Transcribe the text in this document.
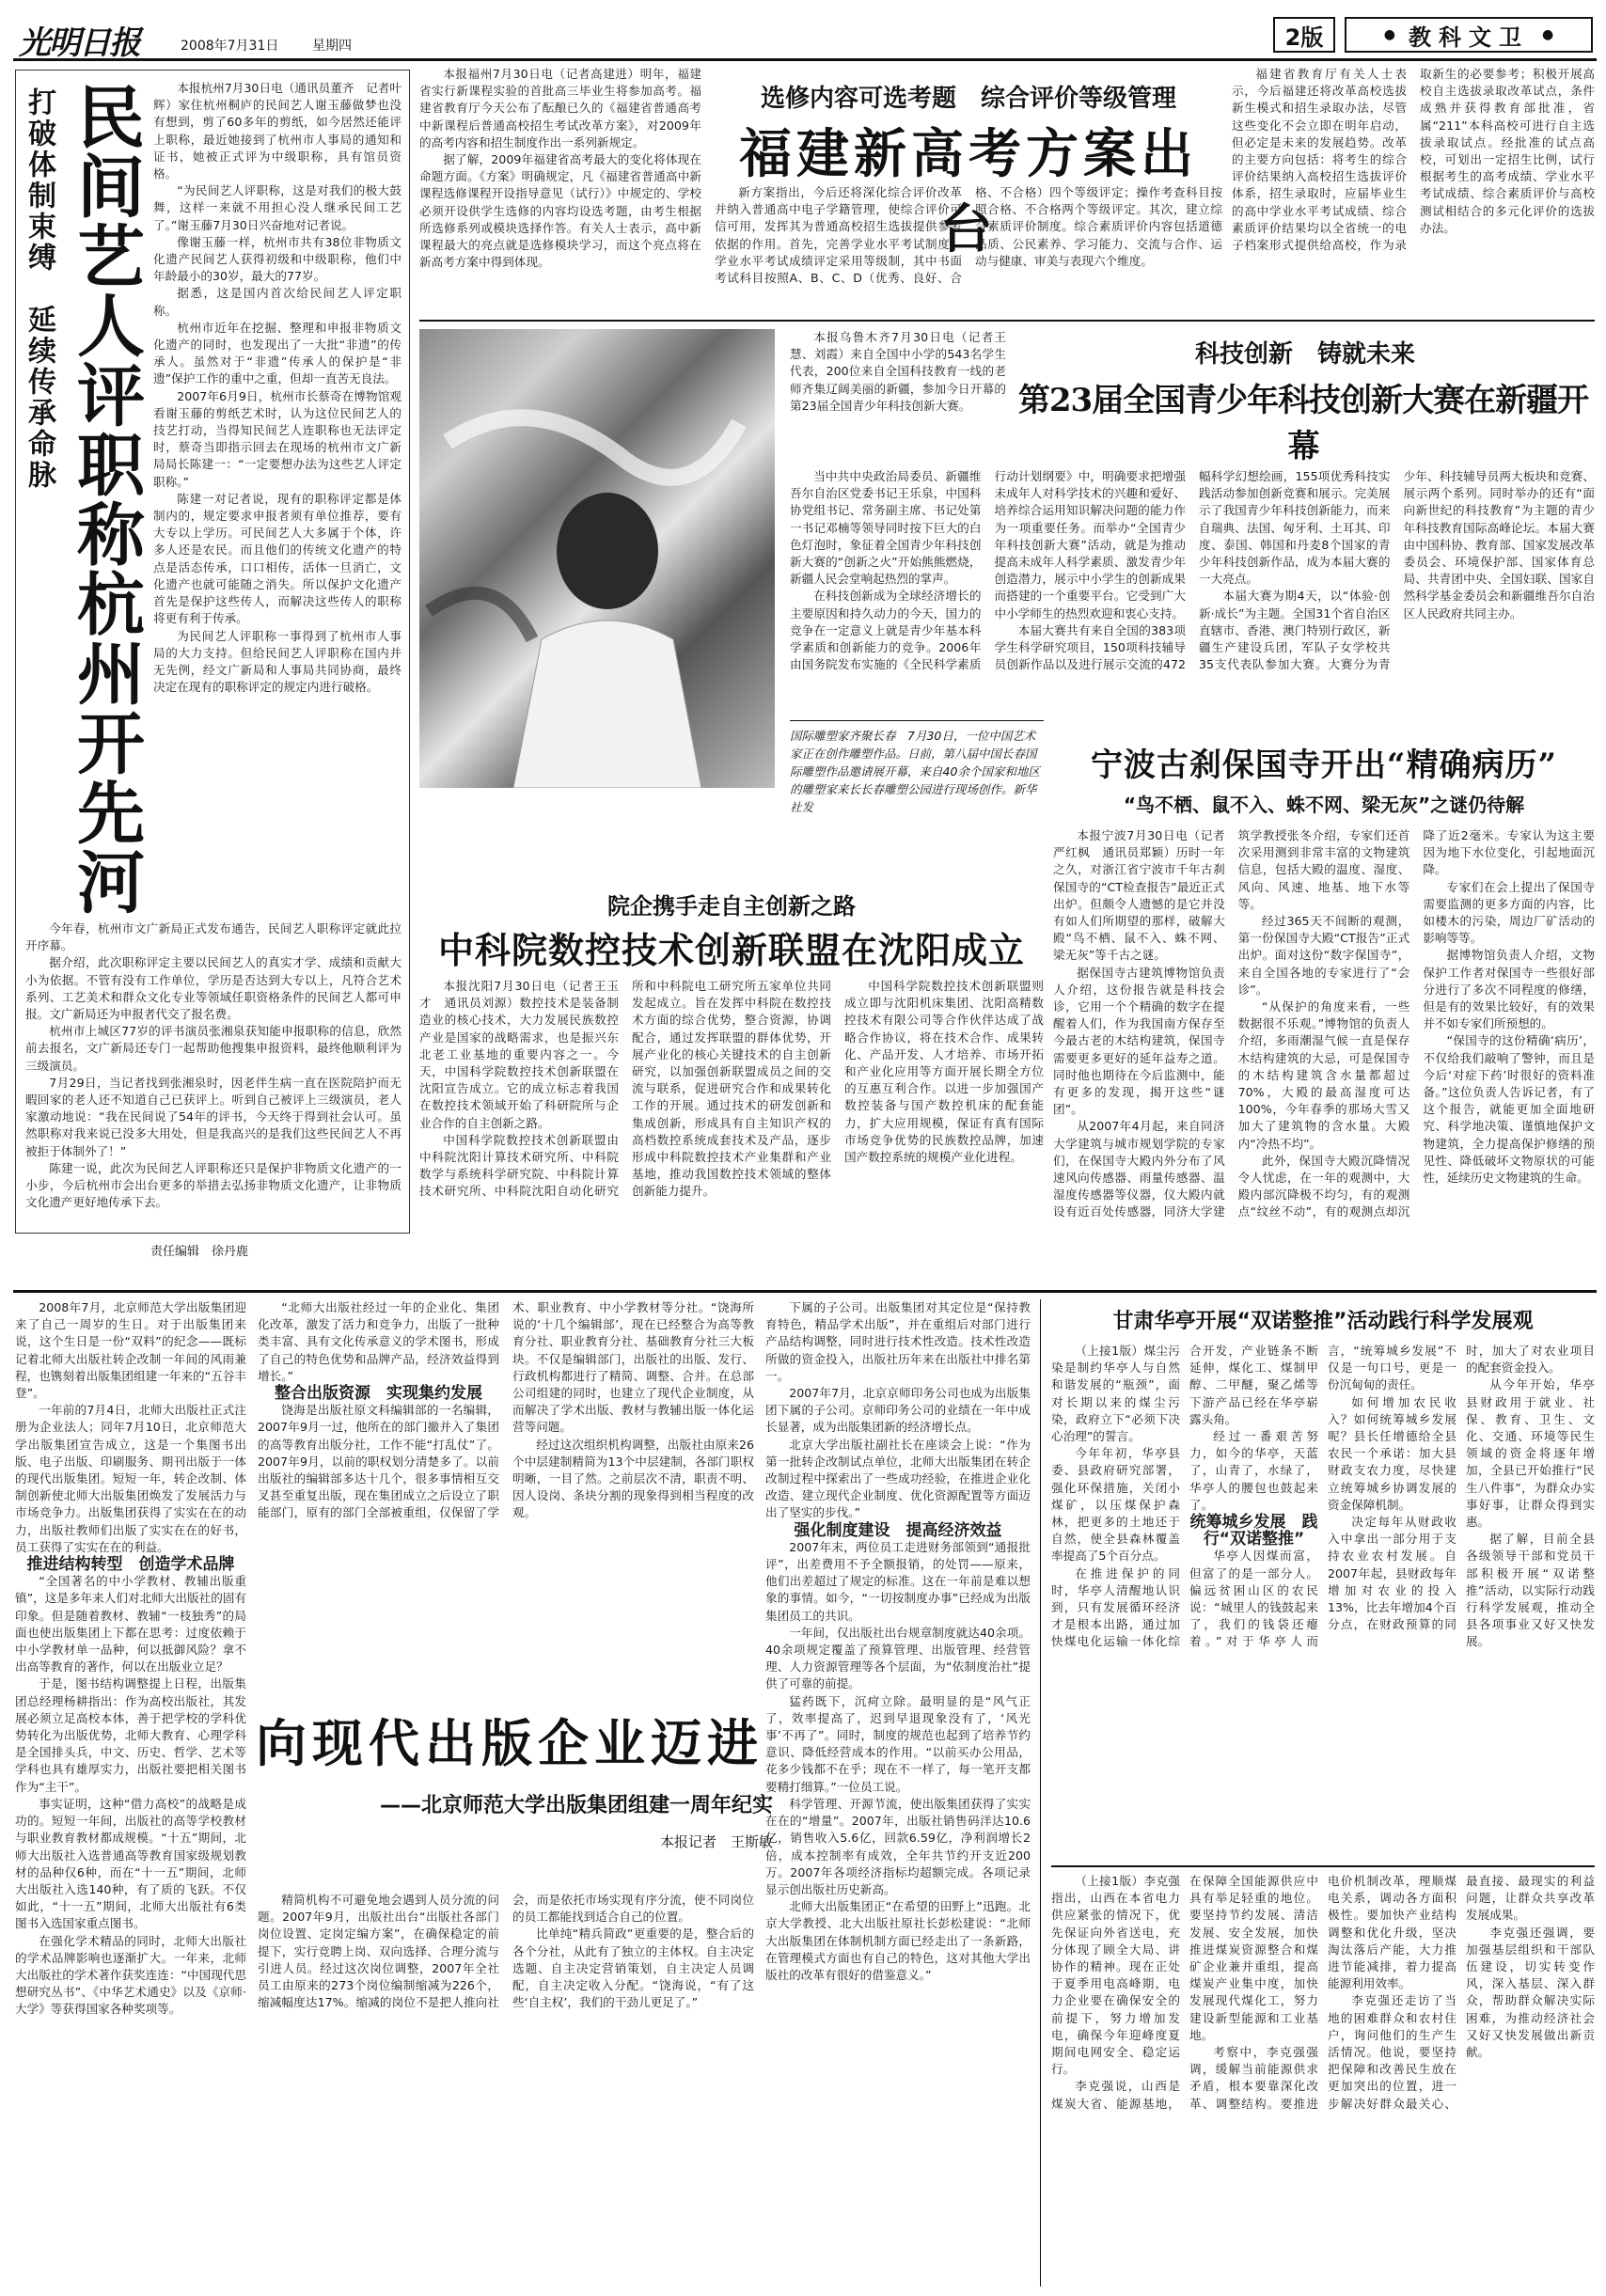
光明日报	2008年7月31日	星期四	2版	● 教科文卫 ●
打破体制束缚　延续传承命脉 民间艺人评职称杭州开先河	本报杭州7月30日电（通讯员董齐　记者叶辉）家住杭州桐庐的民间艺人谢玉藤做梦也没有想到，剪了60多年的剪纸，如今居然还能评上职称，最近她接到了杭州市人事局的通知和证书，她被正式评为中级职称，具有馆员资格。

“为民间艺人评职称，这是对我们的极大鼓舞，这样一来就不用担心没人继承民间工艺了。”谢玉藤7月30日兴奋地对记者说。

像谢玉藤一样，杭州市共有38位非物质文化遗产民间艺人获得初级和中级职称，他们中年龄最小的30岁，最大的77岁。

据悉，这是国内首次给民间艺人评定职称。

杭州市近年在挖掘、整理和申报非物质文化遗产的同时，也发现出了一大批“非遗”的传承人。虽然对于“非遗”传承人的保护是“非遗”保护工作的重中之重，但却一直苦无良法。

2007年6月9日，杭州市长蔡奇在博物馆观看谢玉藤的剪纸艺术时，认为这位民间艺人的技艺打动，当得知民间艺人连职称也无法评定时，蔡奇当即指示回去在现场的杭州市文广新局局长陈建一：“一定要想办法为这些艺人评定职称。”

陈建一对记者说，现有的职称评定都是体制内的，规定要求申报者须有单位推荐，要有大专以上学历。可民间艺人大多属于个体，许多人还是农民。而且他们的传统文化遗产的特点是活态传承，口口相传，活体一旦消亡，文化遗产也就可能随之消失。所以保护文化遗产首先是保护这些传人，而解决这些传人的职称将更有利于传承。

为民间艺人评职称一事得到了杭州市人事局的大力支持。但给民间艺人评职称在国内并无先例，经文广新局和人事局共同协商，最终决定在现有的职称评定的规定内进行破格。

今年春，杭州市文广新局正式发布通告，民间艺人职称评定就此拉开序幕。

据介绍，此次职称评定主要以民间艺人的真实才学、成绩和贡献大小为依据。不管有没有工作单位，学历是否达到大专以上，凡符合艺术系列、工艺美术和群众文化专业等领域任职资格条件的民间艺人都可申报。文广新局还为申报者代交了报名费。

杭州市上城区77岁的评书演员张湘泉获知能申报职称的信息，欣然前去报名，文广新局还专门一起帮助他搜集申报资料，最终他顺利评为三级演员。

7月29日，当记者找到张湘泉时，因老伴生病一直在医院陪护而无暇回家的老人还不知道自己已获评上。听到自己被评上三级演员，老人家激动地说：“我在民间说了54年的评书，今天终于得到社会认可。虽然职称对我来说已没多大用处，但是我高兴的是我们这些民间艺人不再被拒于体制外了！”

陈建一说，此次为民间艺人评职称还只是保护非物质文化遗产的一小步，今后杭州市会出台更多的举措去弘扬非物质文化遗产，让非物质文化遗产更好地传承下去。

责任编辑　徐丹鹿

本报福州7月30日电（记者高建进）明年，福建省实行新课程实验的首批高三毕业生将参加高考。福建省教育厅今天公布了酝酿已久的《福建省普通高考中新课程后普通高校招生考试改革方案》，对2009年的高考内容和招生制度作出一系列新规定。

据了解，2009年福建省高考最大的变化将体现在命题方面。《方案》明确规定，凡《福建省普通高中新课程选修课程开设指导意见（试行）》中规定的、学校必须开设供学生选修的内容均设选考题，由考生根据所选修系列或模块选择作答。有关人士表示，高中新课程最大的亮点就是选修模块学习，而这个亮点将在新高考方案中得到体现。

选修内容可选考题　综合评价等级管理
福建新高考方案出台

新方案指出，今后还将深化综合评价改革并纳入普通高中电子学籍管理，使综合评价可信可用，发挥其为普通高校招生选拔提供参考依据的作用。首先，完善学业水平考试制度。学业水平考试成绩评定采用等级制，其中书面考试科目按照A、B、C、D（优秀、良好、合格、不合格）四个等级评定；操作考查科目按照合格、不合格两个等级评定。其次，建立综合素质评价制度。综合素质评价内容包括道德品质、公民素养、学习能力、交流与合作、运动与健康、审美与表现六个维度。

福建省教育厅有关人士表示，今后福建还将改革高校选拔新生模式和招生录取办法，尽管这些变化不会立即在明年启动，但必定是未来的发展趋势。改革的主要方向包括：将考生的综合评价结果纳入高校招生选拔评价体系，招生录取时，应届毕业生的高中学业水平考试成绩、综合素质评价结果均以全省统一的电子档案形式提供给高校，作为录取新生的必要参考；积极开展高校自主选拔录取改革试点，条件成熟并获得教育部批准，省属“211”本科高校可进行自主选拔录取试点。经批准的试点高校，可划出一定招生比例，试行根据考生的高考成绩、学业水平考试成绩、综合素质评价与高校测试相结合的多元化评价的选拔办法。

国际雕塑家齐聚长春　7月30日，一位中国艺术家正在创作雕塑作品。日前，第八届中国长春国际雕塑作品邀请展开幕，来自40余个国家和地区的雕塑家来长长春雕塑公园进行现场创作。新华社发

本报乌鲁木齐7月30日电（记者王慧、刘霞）来自全国中小学的543名学生代表，200位来自全国科技教育一线的老师齐集辽阔美丽的新疆，参加今日开幕的第23届全国青少年科技创新大赛。

科技创新　铸就未来
第23届全国青少年科技创新大赛在新疆开幕

当中共中央政治局委员、新疆维吾尔自治区党委书记王乐泉，中国科协党组书记、常务副主席、书记处第一书记邓楠等领导同时按下巨大的白色灯泡时，象征着全国青少年科技创新大赛的“创新之火”开始熊熊燃烧，新疆人民会堂响起热烈的掌声。

在科技创新成为全球经济增长的主要原因和持久动力的今天，国力的竞争在一定意义上就是青少年基本科学素质和创新能力的竞争。2006年由国务院发布实施的《全民科学素质行动计划纲要》中，明确要求把增强未成年人对科学技术的兴趣和爱好、培养综合运用知识解决问题的能力作为一项重要任务。而举办“全国青少年科技创新大赛”活动，就是为推动提高未成年人科学素质、激发青少年创造潜力，展示中小学生的创新成果而搭建的一个重要平台。它受到广大中小学师生的热烈欢迎和衷心支持。

本届大赛共有来自全国的383项学生科学研究项目，150项科技辅导员创新作品以及进行展示交流的472幅科学幻想绘画，155项优秀科技实践活动参加创新竞赛和展示。完美展示了我国青少年科技创新能力，而来自瑞典、法国、匈牙利、土耳其、印度、泰国、韩国和丹麦8个国家的青少年科技创新作品，成为本届大赛的一大亮点。

本届大赛为期4天，以“体验·创新·成长”为主题。全国31个省自治区直辖市、香港、澳门特别行政区，新疆生产建设兵团，军队子女学校共35支代表队参加大赛。大赛分为青少年、科技辅导员两大板块和竞赛、展示两个系列。同时举办的还有“面向新世纪的科技教育”为主题的青少年科技教育国际高峰论坛。本届大赛由中国科协、教育部、国家发展改革委员会、环境保护部、国家体育总局、共青团中央、全国妇联、国家自然科学基金委员会和新疆维吾尔自治区人民政府共同主办。

宁波古刹保国寺开出“精确病历”
“鸟不栖、鼠不入、蛛不网、梁无灰”之谜仍待解

本报宁波7月30日电（记者严红枫　通讯员郑颖）历时一年之久，对浙江省宁波市千年古刹保国寺的“CT检查报告”最近正式出炉。但颇令人遗憾的是它并没有如人们所期望的那样，破解大殿“鸟不栖、鼠不入、蛛不网、梁无灰”等千古之谜。

据保国寺古建筑博物馆负责人介绍，这份报告就是科技会诊，它用一个个精确的数字在提醒着人们，作为我国南方保存至今最古老的木结构建筑，保国寺需要更多更好的延年益寿之道。同时他也期待在今后监测中，能有更多的发现，揭开这些“谜团”。

从2007年4月起，来自同济大学建筑与城市规划学院的专家们，在保国寺大殿内外分布了风速风向传感器、雨量传感器、温湿度传感器等仪器，仪大殿内就设有近百处传感器，同济大学建筑学教授张冬介绍，专家们还首次采用测到非常丰富的文物建筑信息，包括大殿的温度、湿度、风向、风速、地基、地下水等等。

经过365天不间断的观测，第一份保国寺大殿“CT报告”正式出炉。面对这份“数字保国寺”，来自全国各地的专家进行了“会诊”。

“从保护的角度来看，一些数据很不乐观。”博物馆的负责人介绍，多雨潮湿气候一直是保存木结构建筑的大忌，可是保国寺的木结构建筑含水量都超过70%，大殿的最高湿度可达100%，今年春季的那场大雪又加大了建筑物的含水量。大殿内“冷热不均”。

此外，保国寺大殿沉降情况令人忧虑，在一年的观测中，大殿内部沉降极不均匀，有的观测点“纹丝不动”，有的观测点却沉降了近2毫米。专家认为这主要因为地下水位变化，引起地面沉降。

专家们在会上提出了保国寺需要监测的更多方面的内容，比如楼木的污染，周边厂矿活动的影响等等。

据博物馆负责人介绍，文物保护工作者对保国寺一些很好部分进行了多次不同程度的修缮，但是有的效果比较好，有的效果并不如专家们所预想的。

“保国寺的这份精确‘病历’，不仅给我们敲响了警钟，而且是今后‘对症下药’时很好的资料准备。”这位负责人告诉记者，有了这个报告，就能更加全面地研究、科学地决策、谨慎地保护文物建筑，全力提高保护修缮的预见性、降低破坏文物原状的可能性，延续历史文物建筑的生命。

院企携手走自主创新之路
中科院数控技术创新联盟在沈阳成立

本报沈阳7月30日电（记者王玉才　通讯员刘源）数控技术是装备制造业的核心技术，大力发展民族数控产业是国家的战略需求，也是振兴东北老工业基地的重要内容之一。今天，中国科学院数控技术创新联盟在沈阳宣告成立。它的成立标志着我国在数控技术领域开始了科研院所与企业合作的自主创新之路。

中国科学院数控技术创新联盟由中科院沈阳计算技术研究所、中科院数学与系统科学研究院、中科院计算技术研究所、中科院沈阳自动化研究所和中科院电工研究所五家单位共同发起成立。旨在发挥中科院在数控技术方面的综合优势，整合资源，协调配合，通过发挥联盟的群体优势，开展产业化的核心关键技术的自主创新研究，以加强创新联盟成员之间的交流与联系，促进研究合作和成果转化工作的开展。通过技术的研发创新和集成创新，形成具有自主知识产权的高档数控系统成套技术及产品，逐步形成中科院数控技术产业集群和产业基地，推动我国数控技术领域的整体创新能力提升。

中国科学院数控技术创新联盟则成立即与沈阳机床集团、沈阳高精数控技术有限公司等合作伙伴达成了战略合作协议，将在技术合作、成果转化、产品开发、人才培养、市场开拓和产业化应用等方面开展长期全方位的互惠互利合作。以进一步加强国产数控装备与国产数控机床的配套能力，扩大应用规模，保证有真有国际市场竞争优势的民族数控品牌，加速国产数控系统的规模产业化进程。

2008年7月，北京师范大学出版集团迎来了自己一周岁的生日。对于出版集团来说，这个生日是一份“双料”的纪念——既标记着北师大出版社转企改制一年间的风雨兼程，也镌刻着出版集团组建一年来的“五谷丰登”。

一年前的7月4日，北师大出版社正式注册为企业法人；同年7月10日，北京师范大学出版集团宣告成立，这是一个集图书出版、电子出版、印刷服务、期刊出版于一体的现代出版集团。短短一年，转企改制、体制创新使北师大出版集团焕发了发展活力与市场竞争力。出版集团获得了实实在在的动力，出版社教师们出版了实实在在的好书，员工获得了实实在在的利益。

推进结构转型　创造学术品牌

“全国著名的中小学教材、教辅出版重镇”，这是多年来人们对北师大出版社的固有印象。但是随着教材、教辅“一枝独秀”的局面也使出版集团上下都在思考：过度依赖于中小学教材单一品种，何以抵御风险？拿不出高等教育的著作，何以在出版业立足？

于是，图书结构调整提上日程，出版集团总经理杨耕指出：作为高校出版社，其发展必须立足高校本体，善于把学校的学科优势转化为出版优势，北师大教育、心理学科是全国排头兵，中文、历史、哲学、艺术等学科也具有雄厚实力，出版社要把相关图书作为“主干”。

事实证明，这种“借力高校”的战略是成功的。短短一年间，出版社的高等学校教材与职业教育教材都成规模。“十五”期间，北师大出版社入选普通高等教育国家级规划教材的品种仅6种，而在“十一五”期间，北师大出版社入选140种，有了质的飞跃。不仅如此，“十一五”期间，北师大出版社有6类图书入选国家重点图书。

在强化学术精品的同时，北师大出版社的学术品牌影响也逐渐扩大。一年来，北师大出版社的学术著作获奖连连：“中国现代思想研究丛书”、《中华艺术通史》以及《京师·大学》等获得国家各种奖项等。

“北师大出版社经过一年的企业化、集团化改革，激发了活力和竞争力，出版了一批种类丰富、具有文化传承意义的学术图书，形成了自己的特色优势和品牌产品，经济效益得到增长。”

整合出版资源　实现集约发展

饶海是出版社原文科编辑部的一名编辑，2007年9月一过，他所在的部门撤并入了集团的高等教育出版分社，工作不能“打乱仗”了。2007年9月，以前的职权划分清楚多了。以前出版社的编辑部多达十几个，很多事情相互交叉甚至重复出版，现在集团成立之后设立了职能部门，原有的部门全部被重组，仅保留了学术、职业教育、中小学教材等分社。“饶海所说的‘十几个编辑部’，现在已经整合为高等教育分社、职业教育分社、基础教育分社三大板块。不仅是编辑部门，出版社的出版、发行、行政机构都进行了精简、调整、合并。在总部公司组建的同时，也建立了现代企业制度，从而解决了学术出版、教材与教辅出版一体化运营等问题。

经过这次组织机构调整，出版社由原来26个中层建制精简为13个中层建制，各部门职权明晰，一目了然。之前层次不清，职责不明、因人设岗、条块分割的现象得到相当程度的改观。

向现代出版企业迈进
——北京师范大学出版集团组建一周年纪实
本报记者　王斯敏

精简机构不可避免地会遇到人员分流的问题。2007年9月，出版社出台“出版社各部门岗位设置、定岗定编方案”，在确保稳定的前提下，实行竞聘上岗、双向选择、合理分流与引进人员。经过这次岗位调整，2007年全社员工由原来的273个岗位编制缩减为226个，缩减幅度达17%。缩减的岗位不是把人推向社会，而是依托市场实现有序分流，使不同岗位的员工都能找到适合自己的位置。

比单纯“精兵简政”更重要的是，整合后的各个分社，从此有了独立的主体权。自主决定选题、自主决定营销策划，自主决定人员调配，自主决定收入分配。“饶海说，“有了这些‘自主权’，我们的干劲儿更足了。”

下属的子公司。出版集团对其定位是“保持教育特色，精品学术出版”，并在重组后对部门进行产品结构调整，同时进行技术性改造。技术性改造所做的资金投入，出版社历年来在出版社中排名第一。

2007年7月，北京京师印务公司也成为出版集团下属的子公司。京师印务公司的业绩在一年中成长显著，成为出版集团新的经济增长点。

北京大学出版社副社长在座谈会上说：“作为第一批转企改制试点单位，北师大出版集团在转企改制过程中探索出了一些成功经验，在推进企业化改造、建立现代企业制度、优化资源配置等方面迈出了坚实的步伐。”

强化制度建设　提高经济效益

2007年末，两位员工走进财务部领到“通报批评”，出差费用不予全额报销，的处罚——原来，他们出差超过了规定的标准。这在一年前是难以想象的事情。如今，“一切按制度办事”已经成为出版集团员工的共识。

一年间，仅出版社出台规章制度就达40余项。40余项规定覆盖了预算管理、出版管理、经营管理、人力资源管理等各个层面，为“依制度治社”提供了可靠的前提。

猛药既下，沉疴立除。最明显的是“风气正了，效率提高了，迟到早退现象没有了，‘风光事’不再了”。同时，制度的规范也起到了培养节约意识、降低经营成本的作用。“以前买办公用品，花多少钱都不在乎；现在不一样了，每一笔开支都要精打细算。”一位员工说。

科学管理、开源节流，使出版集团获得了实实在在的“增量”。2007年，出版社销售码洋达10.6亿，销售收入5.6亿，回款6.59亿，净利润增长2倍，成本控制率有成效，全年共节约开支近200万。2007年各项经济指标均超额完成。各项记录显示创出版社历史新高。

北师大出版集团正“在希望的田野上”迅跑。北京大学教授、北大出版社原社长彭松建说：“北师大出版集团在体制机制方面已经走出了一条新路，在管理模式方面也有自己的特色，这对其他大学出版社的改革有很好的借鉴意义。”

甘肃华亭开展“双诺整推”活动践行科学发展观

（上接1版）煤尘污染是制约华亭人与自然和谐发展的“瓶颈”，面对长期以来的煤尘污染，政府立下“必须下决心治理”的誓言。

今年年初，华亭县委、县政府研究部署，强化环保措施，关闭小煤矿，以压煤保护森林，把更多的土地还于自然，使全县森林覆盖率提高了5个百分点。

在推进保护的同时，华亭人清醒地认识到，只有发展循环经济才是根本出路，通过加快煤电化运输一体化综合开发，产业链条不断延伸，煤化工、煤制甲醇、二甲醚，聚乙烯等下游产品已经在华亭崭露头角。

经过一番艰苦努力，如今的华亭，天蓝了，山青了，水绿了，华亭人的腰包也鼓起来了。

统筹城乡发展　践行“双诺整推”

华亭人因煤而富，但富了的是一部分人。偏远贫困山区的农民说：“城里人的钱鼓起来了，我们的钱袋还瘪着。”对于华亭人而言，“统筹城乡发展”不仅是一句口号，更是一份沉甸甸的责任。

如何增加农民收入？如何统筹城乡发展呢？县长任增德给全县农民一个承诺：加大县财政支农力度，尽快建立统筹城乡协调发展的资金保障机制。

决定每年从财政收入中拿出一部分用于支持农业农村发展。自2007年起，县财政每年增加对农业的投入13%，比去年增加4个百分点，在财政预算的同时，加大了对农业项目的配套资金投入。

从今年开始，华亭县财政用于就业、社保、教育、卫生、文化、交通、环境等民生领域的资金将逐年增加，全县已开始推行“民生八件事”，为群众办实事好事，让群众得到实惠。

据了解，目前全县各级领导干部和党员干部积极开展“双诺整推”活动，以实际行动践行科学发展观，推动全县各项事业又好又快发展。

（上接1版）李克强指出，山西在本省电力供应紧张的情况下，优先保证向外省送电，充分体现了顾全大局、讲协作的精神。现在正处于夏季用电高峰期，电力企业要在确保安全的前提下，努力增加发电，确保今年迎峰度夏期间电网安全、稳定运行。

李克强说，山西是煤炭大省、能源基地，在保障全国能源供应中具有举足轻重的地位。要坚持节约发展、清洁发展、安全发展，加快推进煤炭资源整合和煤矿企业兼并重组，提高煤炭产业集中度，加快发展现代煤化工，努力建设新型能源和工业基地。

考察中，李克强强调，缓解当前能源供求矛盾，根本要靠深化改革、调整结构。要推进电价机制改革，理顺煤电关系，调动各方面积极性。要加快产业结构调整和优化升级，坚决淘汰落后产能，大力推进节能减排，着力提高能源利用效率。

李克强还走访了当地的困难群众和农村住户，询问他们的生产生活情况。他说，要坚持把保障和改善民生放在更加突出的位置，进一步解决好群众最关心、最直接、最现实的利益问题，让群众共享改革发展成果。

李克强还强调，要加强基层组织和干部队伍建设，切实转变作风，深入基层、深入群众，帮助群众解决实际困难，为推动经济社会又好又快发展做出新贡献。
